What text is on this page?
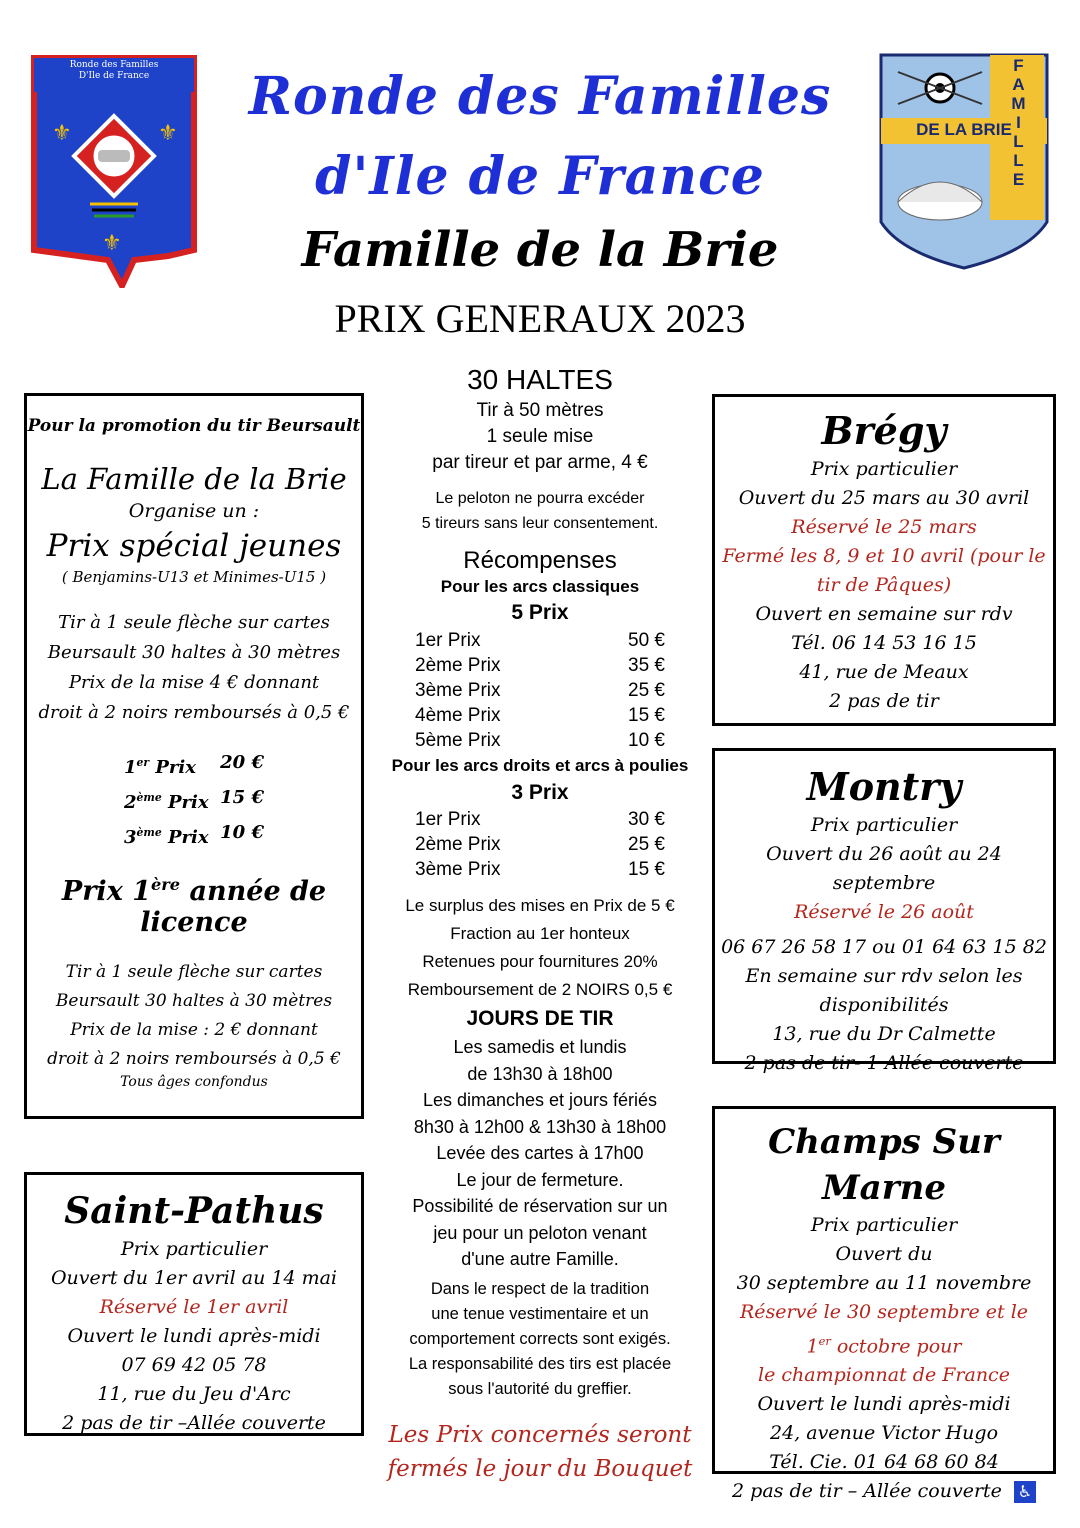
⚜	⚜
⚜
Ronde des Familles
D'Ile de France	FAMILLE
DE LA BRIE
Ronde des Familles
d'Ile de France
Famille de la Brie
PRIX GENERAUX 2023
Pour la promotion du tir Beursault
La Famille de la Brie
Organise un :
Prix spécial jeunes
( Benjamins-U13 et Minimes-U15 )
Tir à 1 seule flèche sur cartes
Beursault 30 haltes à 30 mètres
Prix de la mise 4 € donnant
droit à 2 noirs remboursés à 0,5 €
1er Prix 20 €
2ème Prix 15 €
3ème Prix 10 €
Prix 1ère année de licence
Tir à 1 seule flèche sur cartes
Beursault 30 haltes à 30 mètres
Prix de la mise : 2 € donnant
droit à 2 noirs remboursés à 0,5 €
Tous âges confondus
Saint-Pathus
Prix particulier
Ouvert du 1er avril au 14 mai
Réservé le 1er avril
Ouvert le lundi après-midi
07 69 42 05 78
11, rue du Jeu d'Arc
2 pas de tir –Allée couverte
30 HALTES
Tir à 50 mètres
1 seule mise
par tireur et par arme, 4 €
Le peloton ne pourra excéder
5 tireurs sans leur consentement.
Récompenses
Pour les arcs classiques
5 Prix
1er Prix	50 €
2ème Prix	35 €
3ème Prix	25 €
4ème Prix	15 €
5ème Prix	10 €
Pour les arcs droits et arcs à poulies
3 Prix
1er Prix	30 €
2ème Prix	25 €
3ème Prix	15 €
Le surplus des mises en Prix de 5 €
Fraction au 1er honteux
Retenues pour fournitures 20%
Remboursement de 2 NOIRS 0,5 €
JOURS DE TIR
Les samedis et lundis
de 13h30 à 18h00
Les dimanches et jours fériés
8h30 à 12h00 & 13h30 à 18h00
Levée des cartes à 17h00
Le jour de fermeture.
Possibilité de réservation sur un
jeu pour un peloton venant
d'une autre Famille.
Dans le respect de la tradition
une tenue vestimentaire et un
comportement corrects sont exigés.
La responsabilité des tirs est placée
sous l'autorité du greffier.
Les Prix concernés seront
fermés le jour du Bouquet
Brégy
Prix particulier
Ouvert du 25 mars au 30 avril
Réservé le 25 mars
Fermé les 8, 9 et 10 avril (pour le tir de Pâques)
Ouvert en semaine sur rdv
Tél. 06 14 53 16 15
41, rue de Meaux
2 pas de tir
Montry
Prix particulier
Ouvert du 26 août au 24 septembre
Réservé le 26 août
06 67 26 58 17 ou 01 64 63 15 82
En semaine sur rdv selon les disponibilités
13, rue du Dr Calmette
2 pas de tir- 1 Allée couverte
Champs Sur Marne
Prix particulier
Ouvert du
30 septembre au 11 novembre
Réservé le 30 septembre et le
1er octobre pour
le championnat de France
Ouvert le lundi après-midi
24, avenue Victor Hugo
Tél. Cie. 01 64 68 60 84
2 pas de tir – Allée couverte ♿
